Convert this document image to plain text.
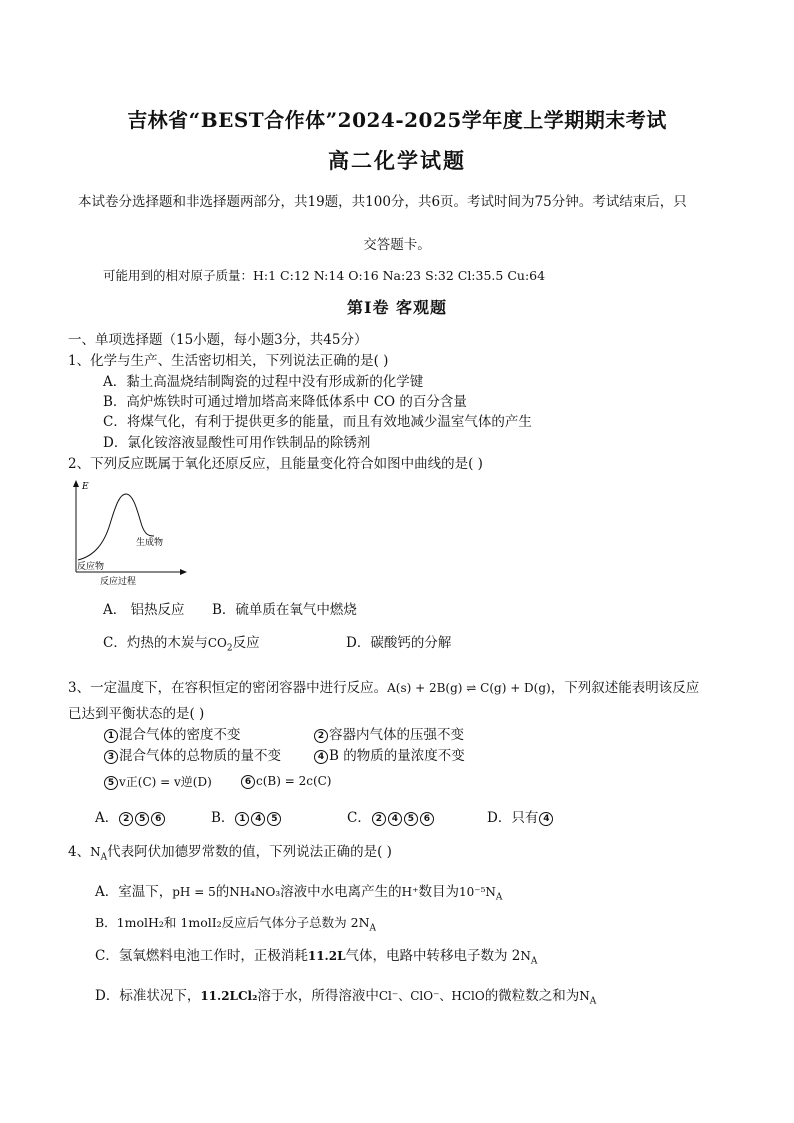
吉林省“BEST合作体”2024-2025学年度上学期期末考试
高二化学试题
本试卷分选择题和非选择题两部分，共19题，共100分，共6页。考试时间为75分钟。考试结束后，只
交答题卡。
可能用到的相对原子质量：H:1 C:12 N:14 O:16 Na:23 S:32 Cl:35.5 Cu:64
第Ⅰ卷 客观题
一、单项选择题（15小题，每小题3分，共45分）
1、化学与生产、生活密切相关，下列说法正确的是( )
A．黏土高温烧结制陶瓷的过程中没有形成新的化学键
B．高炉炼铁时可通过增加塔高来降低体系中 CO 的百分含量
C．将煤气化，有利于提供更多的能量，而且有效地减少温室气体的产生
D．氯化铵溶液显酸性可用作铁制品的除锈剂
2、下列反应既属于氧化还原反应，且能量变化符合如图中曲线的是( )
E
生成物
反应物
反应过程
A． 铝热反应 B．硫单质在氧气中燃烧
C．灼热的木炭与$CO_2$反应	D．碳酸钙的分解
3、一定温度下，在容积恒定的密闭容器中进行反应。A(s) + 2B(g) ⇌ C(g) + D(g)，下列叙述能表明该反应
已达到平衡状态的是( )
1 混合气体的密度不变	2 容器内气体的压强不变
3 混合气体的总物质的量不变	4 B 的物质的量浓度不变
5 v正(C) = v逆(D)	6 c(B) = 2c(C)
A． 2 5 6	B． 1 4 5	C． 2 4 5 6	D．只有 4
4、$N_A$代表阿伏加德罗常数的值，下列说法正确的是( )
A．室温下，pH = 5的NH₄NO₃溶液中水电离产生的H⁺数目为$10^{-5}N_A$
B．1molH₂和 1molI₂反应后气体分子总数为 $2N_A$
C．氢氧燃料电池工作时，正极消耗11.2L气体，电路中转移电子数为 $2N_A$
D．标准状况下，11.2LCl₂溶于水，所得溶液中Cl⁻、ClO⁻、HClO的微粒数之和为$N_A$
